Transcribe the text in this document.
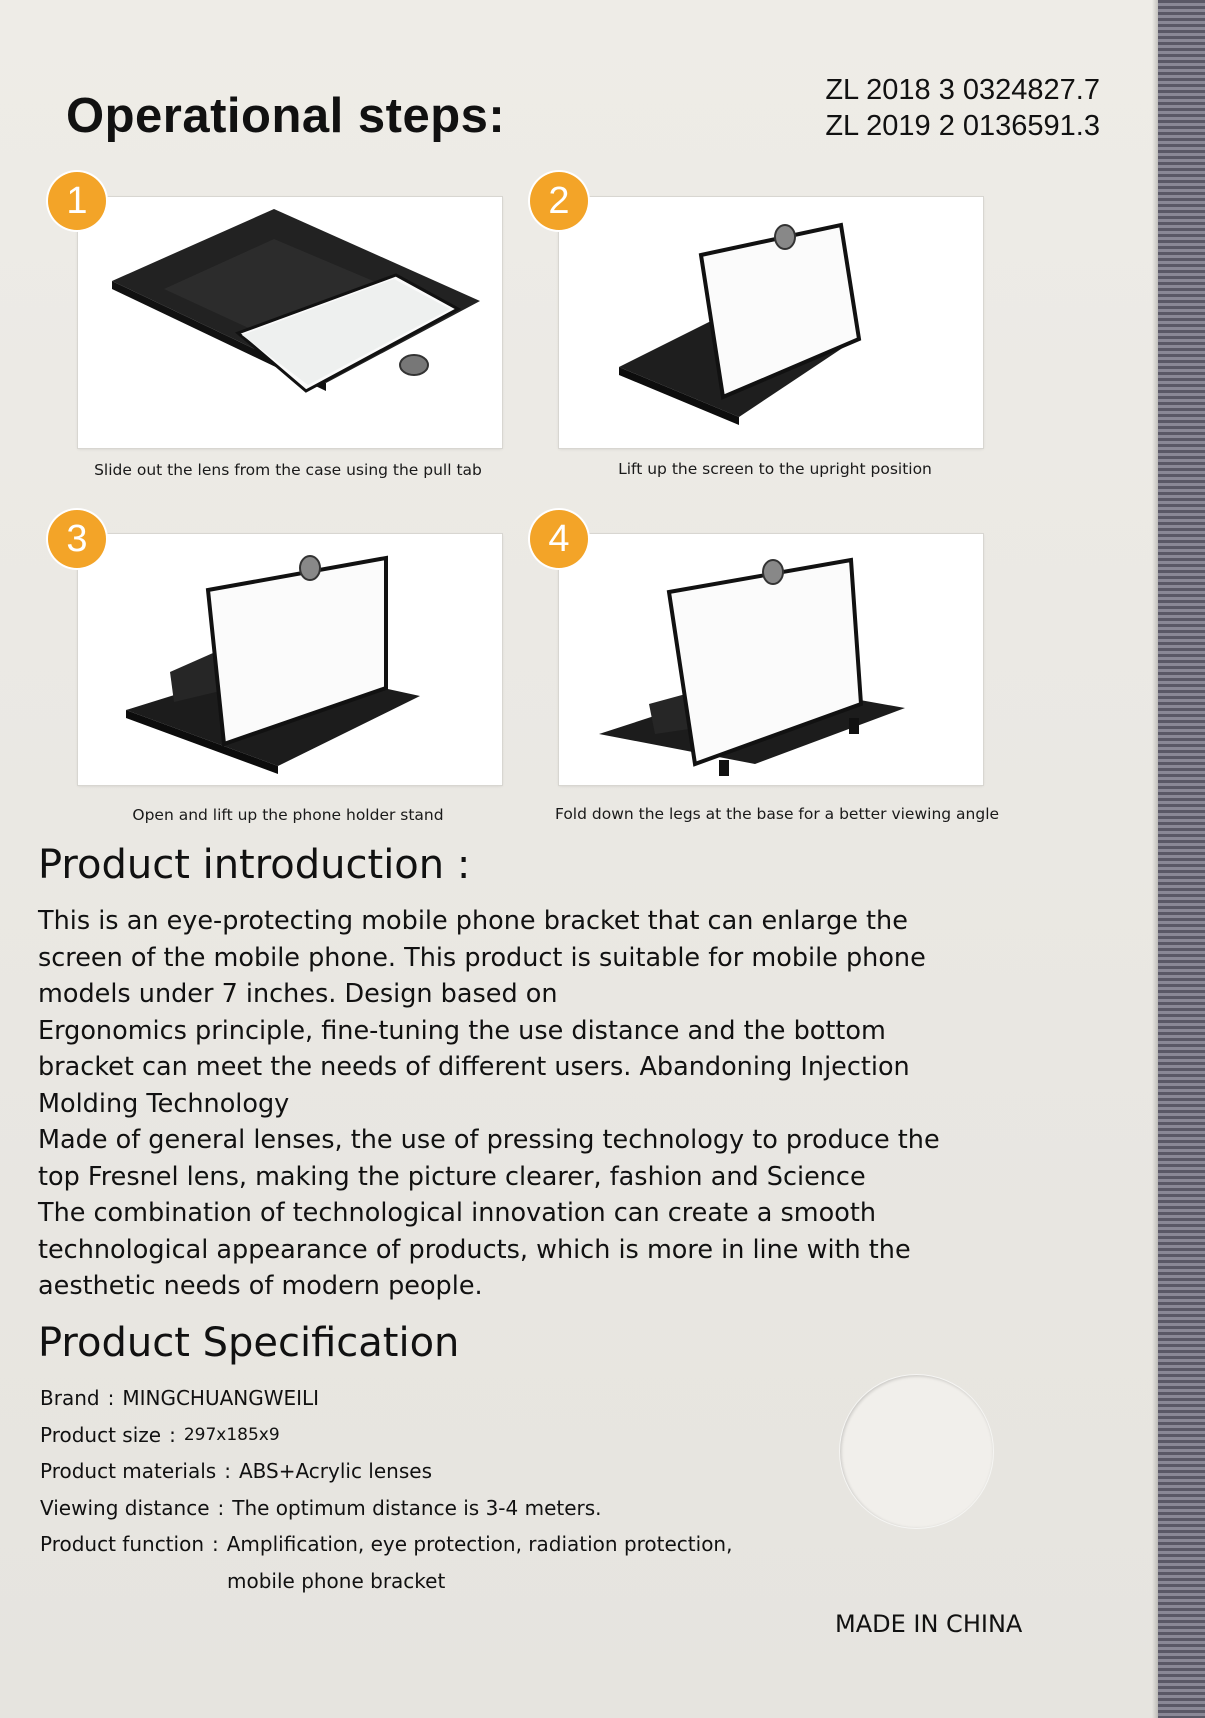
Operational steps:	ZL 2018 3 0324827.7
ZL 2019 2 0136591.3
1
Slide out the lens from the case using the pull tab
2
Lift up the screen to the upright position
3
Open and lift up the phone holder stand
4
Fold down the legs at the base for a better viewing angle
Product introduction :

This is an eye-protecting mobile phone bracket that can enlarge the
screen of the mobile phone. This product is suitable for mobile phone
models under 7 inches. Design based on
Ergonomics principle, fine-tuning the use distance and the bottom
bracket can meet the needs of different users. Abandoning Injection
Molding Technology
Made of general lenses, the use of pressing technology to produce the
top Fresnel lens, making the picture clearer, fashion and Science
The combination of technological innovation can create a smooth
technological appearance of products, which is more in line with the
aesthetic needs of modern people.

Product Specification
Brand : MINGCHUANGWEILI
Product size : 297x185x9
Product materials : ABS+Acrylic lenses
Viewing distance : The optimum distance is 3-4 meters.
Product function : Amplification, eye protection, radiation protection,
mobile phone bracket
MADE IN CHINA
